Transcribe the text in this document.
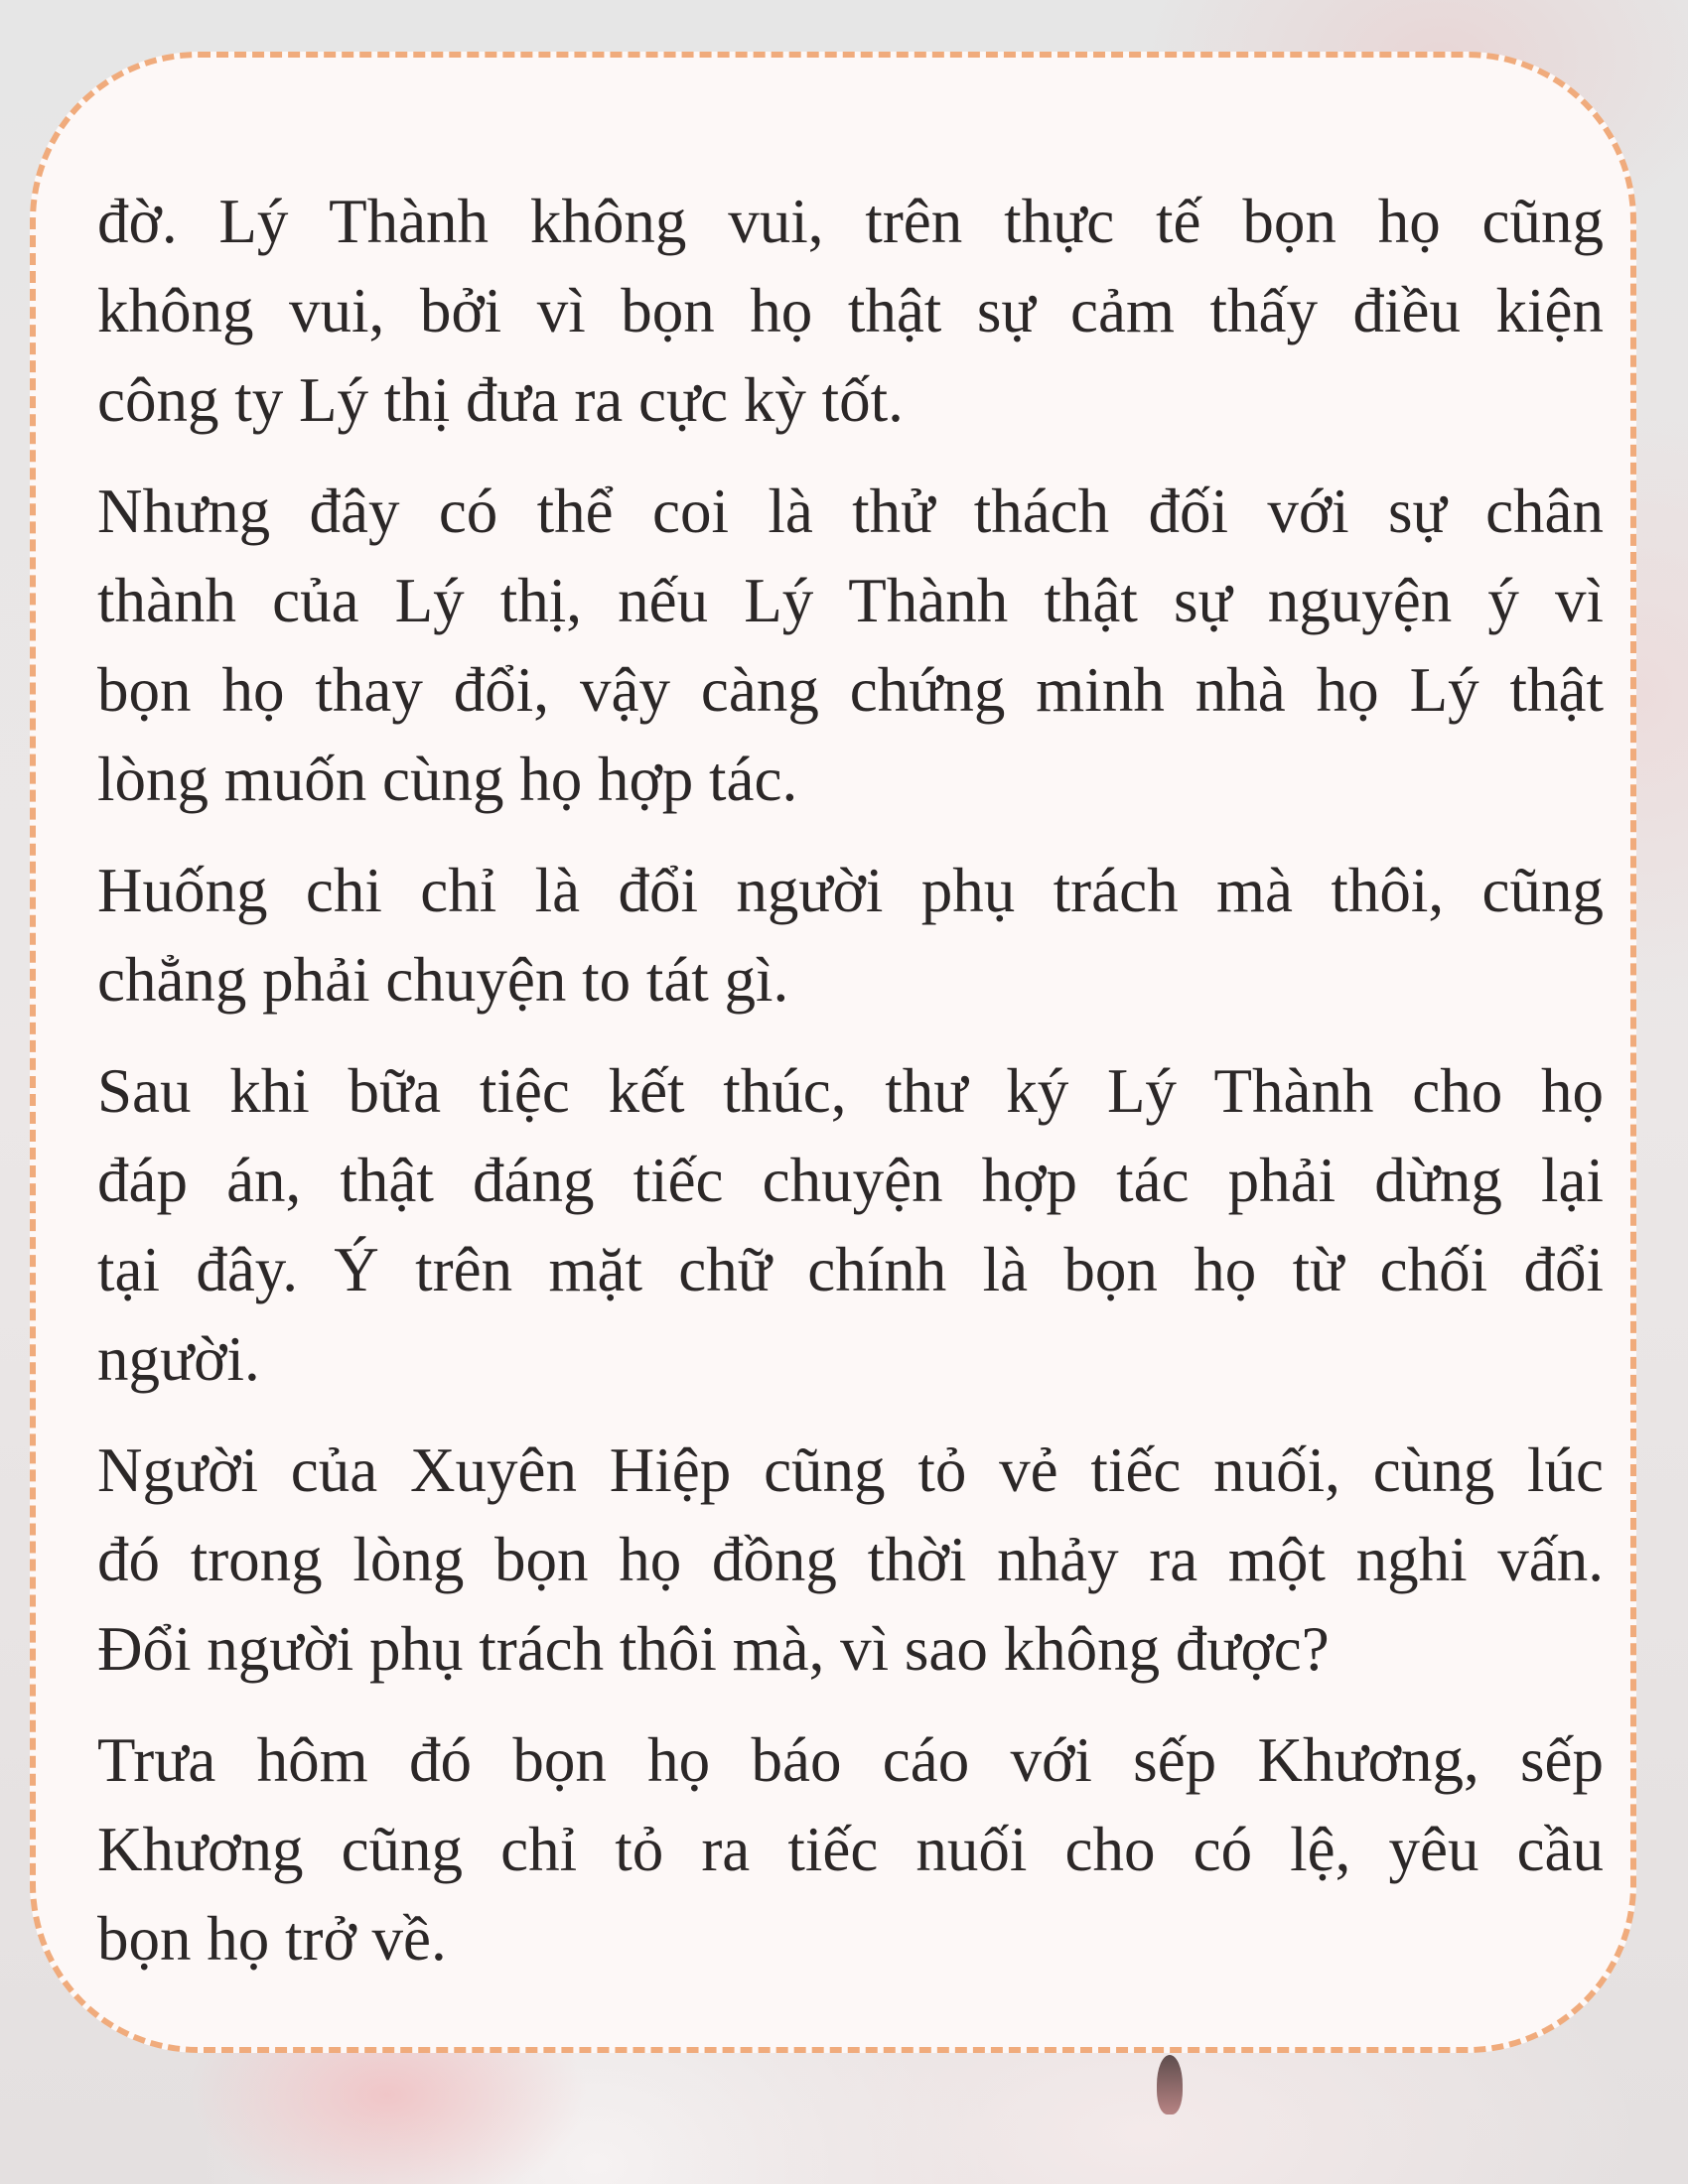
đờ. Lý Thành không vui, trên thực tế bọn họ cũng
không vui, bởi vì bọn họ thật sự cảm thấy điều kiện
công ty Lý thị đưa ra cực kỳ tốt.
Nhưng đây có thể coi là thử thách đối với sự chân
thành của Lý thị, nếu Lý Thành thật sự nguyện ý vì
bọn họ thay đổi, vậy càng chứng minh nhà họ Lý thật
lòng muốn cùng họ hợp tác.
Huống chi chỉ là đổi người phụ trách mà thôi, cũng
chẳng phải chuyện to tát gì.
Sau khi bữa tiệc kết thúc, thư ký Lý Thành cho họ
đáp án, thật đáng tiếc chuyện hợp tác phải dừng lại
tại đây. Ý trên mặt chữ chính là bọn họ từ chối đổi
người.
Người của Xuyên Hiệp cũng tỏ vẻ tiếc nuối, cùng lúc
đó trong lòng bọn họ đồng thời nhảy ra một nghi vấn.
Đổi người phụ trách thôi mà, vì sao không được?
Trưa hôm đó bọn họ báo cáo với sếp Khương, sếp
Khương cũng chỉ tỏ ra tiếc nuối cho có lệ, yêu cầu
bọn họ trở về.
